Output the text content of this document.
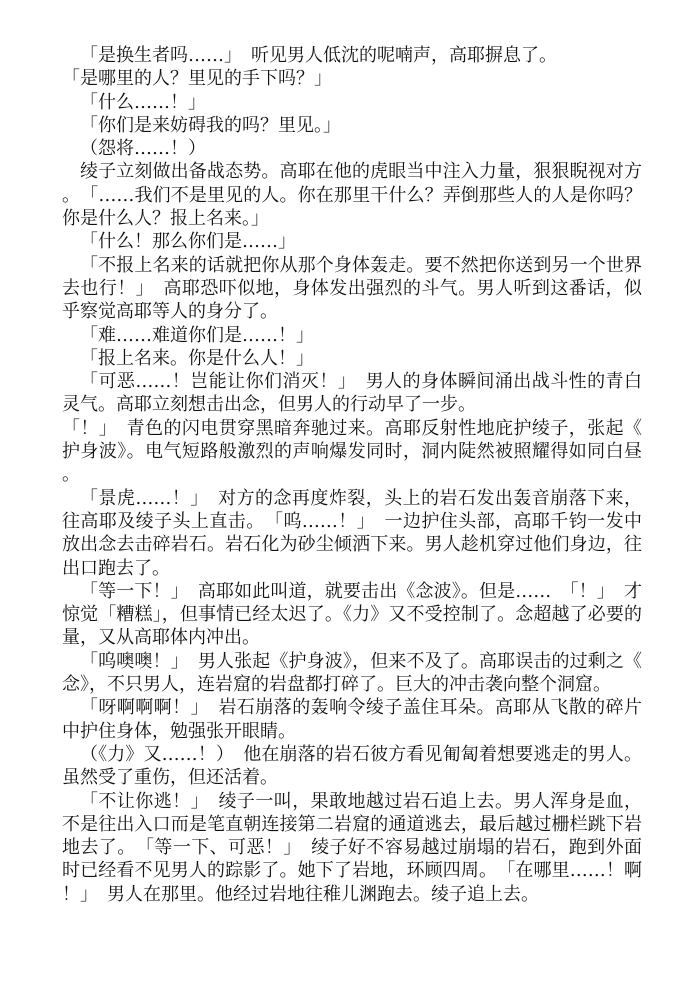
「是换生者吗……」　听见男人低沈的呢喃声，高耶摒息了。

「是哪里的人？里见的手下吗？」

「什么……！」

「你们是来妨碍我的吗？里见。」

（怨将……！）

绫子立刻做出备战态势。高耶在他的虎眼当中注入力量，狠狠睨视对方。　「……我们不是里见的人。你在那里干什么？弄倒那些人的人是你吗？你是什么人？报上名来。」

「什么！那么你们是……」

「不报上名来的话就把你从那个身体轰走。要不然把你送到另一个世界去也行！」　高耶恐吓似地，身体发出强烈的斗气。男人听到这番话，似乎察觉高耶等人的身分了。

「难……难道你们是……！」

「报上名来。你是什么人！」

「可恶……！岂能让你们消灭！」　男人的身体瞬间涌出战斗性的青白灵气。高耶立刻想击出念，但男人的行动早了一步。

「！」　青色的闪电贯穿黑暗奔驰过来。高耶反射性地庇护绫子，张起《护身波》。电气短路般激烈的声响爆发同时，洞内陡然被照耀得如同白昼。

「景虎……！」　对方的念再度炸裂，头上的岩石发出轰音崩落下来，往高耶及绫子头上直击。　「呜……！」　一边护住头部，高耶千钧一发中放出念去击碎岩石。岩石化为砂尘倾洒下来。男人趁机穿过他们身边，往出口跑去了。

「等一下！」　高耶如此叫道，就要击出《念波》。但是……　「！」　才惊觉「糟糕」，但事情已经太迟了。《力》又不受控制了。念超越了必要的量，又从高耶体内冲出。

「呜噢噢！」　男人张起《护身波》，但来不及了。高耶误击的过剩之《念》，不只男人，连岩窟的岩盘都打碎了。巨大的冲击袭向整个洞窟。

「呀啊啊啊！」　岩石崩落的轰响令绫子盖住耳朵。高耶从飞散的碎片中护住身体，勉强张开眼睛。

（《力》又……！）　他在崩落的岩石彼方看见匍匐着想要逃走的男人。虽然受了重伤，但还活着。

「不让你逃！」　绫子一叫，果敢地越过岩石追上去。男人浑身是血，不是往出入口而是笔直朝连接第二岩窟的通道逃去，最后越过栅栏跳下岩地去了。　「等一下、可恶！」　绫子好不容易越过崩塌的岩石，跑到外面时已经看不见男人的踪影了。她下了岩地，环顾四周。　「在哪里……！啊！」　男人在那里。他经过岩地往稚儿渊跑去。绫子追上去。
